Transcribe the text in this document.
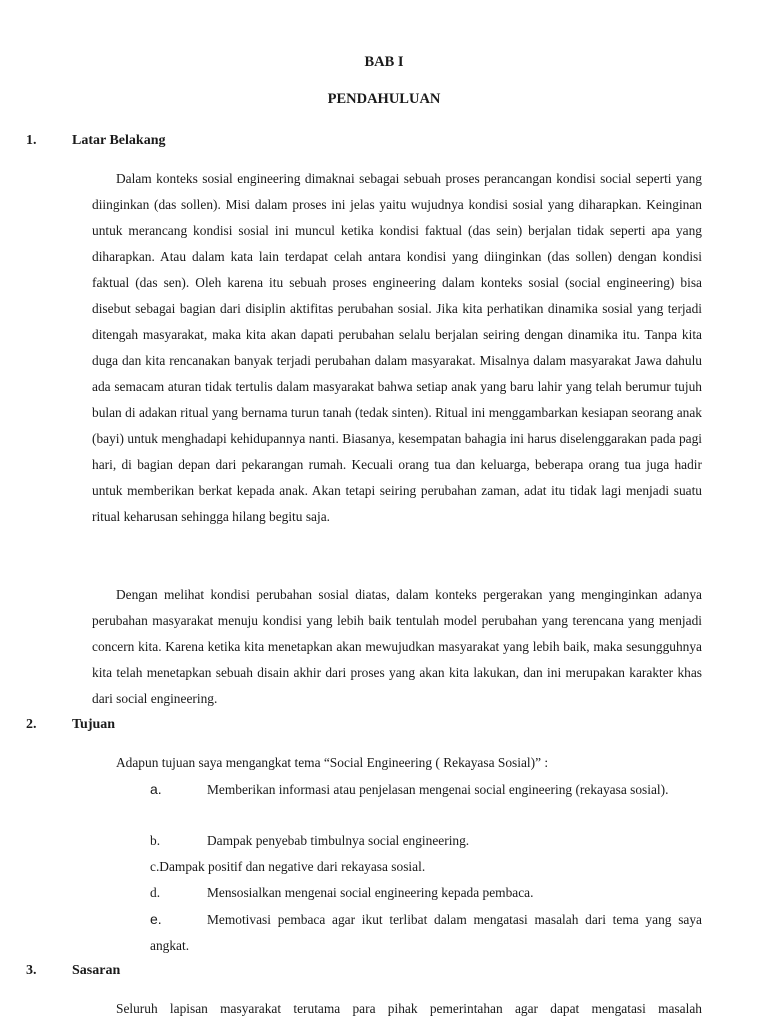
BAB I
PENDAHULUAN
1.	Latar Belakang

Dalam konteks sosial engineering dimaknai sebagai sebuah proses perancangan kondisi social seperti yang diinginkan (das sollen). Misi dalam proses ini jelas yaitu wujudnya kondisi sosial yang diharapkan. Keinginan untuk merancang kondisi sosial ini muncul ketika kondisi faktual (das sein) berjalan tidak seperti apa yang diharapkan. Atau dalam kata lain terdapat celah antara kondisi yang diinginkan (das sollen) dengan kondisi faktual (das sen). Oleh karena itu sebuah proses engineering dalam konteks sosial (social engineering) bisa disebut sebagai bagian dari disiplin aktifitas perubahan sosial. Jika kita perhatikan dinamika sosial yang terjadi ditengah masyarakat, maka kita akan dapati perubahan selalu berjalan seiring dengan dinamika itu. Tanpa kita duga dan kita rencanakan banyak terjadi perubahan dalam masyarakat. Misalnya dalam masyarakat Jawa dahulu ada semacam aturan tidak tertulis dalam masyarakat bahwa setiap anak yang baru lahir yang telah berumur tujuh bulan di adakan ritual yang bernama turun tanah (tedak sinten). Ritual ini menggambarkan kesiapan seorang anak (bayi) untuk menghadapi kehidupannya nanti. Biasanya, kesempatan bahagia ini harus diselenggarakan pada pagi hari, di bagian depan dari pekarangan rumah. Kecuali orang tua dan keluarga, beberapa orang tua juga hadir untuk memberikan berkat kepada anak. Akan tetapi seiring perubahan zaman, adat itu tidak lagi menjadi suatu ritual keharusan sehingga hilang begitu saja.

Dengan melihat kondisi perubahan sosial diatas, dalam konteks pergerakan yang menginginkan adanya perubahan masyarakat menuju kondisi yang lebih baik tentulah model perubahan yang terencana yang menjadi concern kita. Karena ketika kita menetapkan akan mewujudkan masyarakat yang lebih baik, maka sesungguhnya kita telah menetapkan sebuah disain akhir dari proses yang akan kita lakukan, dan ini merupakan karakter khas dari social engineering.

2.	Tujuan

Adapun tujuan saya mengangkat tema “Social Engineering ( Rekayasa Sosial)” :

a.	Memberikan informasi atau penjelasan mengenai social engineering (rekayasa sosial).
b.	Dampak penyebab timbulnya social engineering.
c.Dampak positif dan negative dari rekayasa sosial.
d.	Mensosialkan mengenai social engineering kepada pembaca.
e.	Memotivasi pembaca agar ikut terlibat dalam mengatasi masalah dari tema yang saya angkat.
3.	Sasaran

Seluruh lapisan masyarakat terutama para pihak pemerintahan agar dapat mengatasi masalah
